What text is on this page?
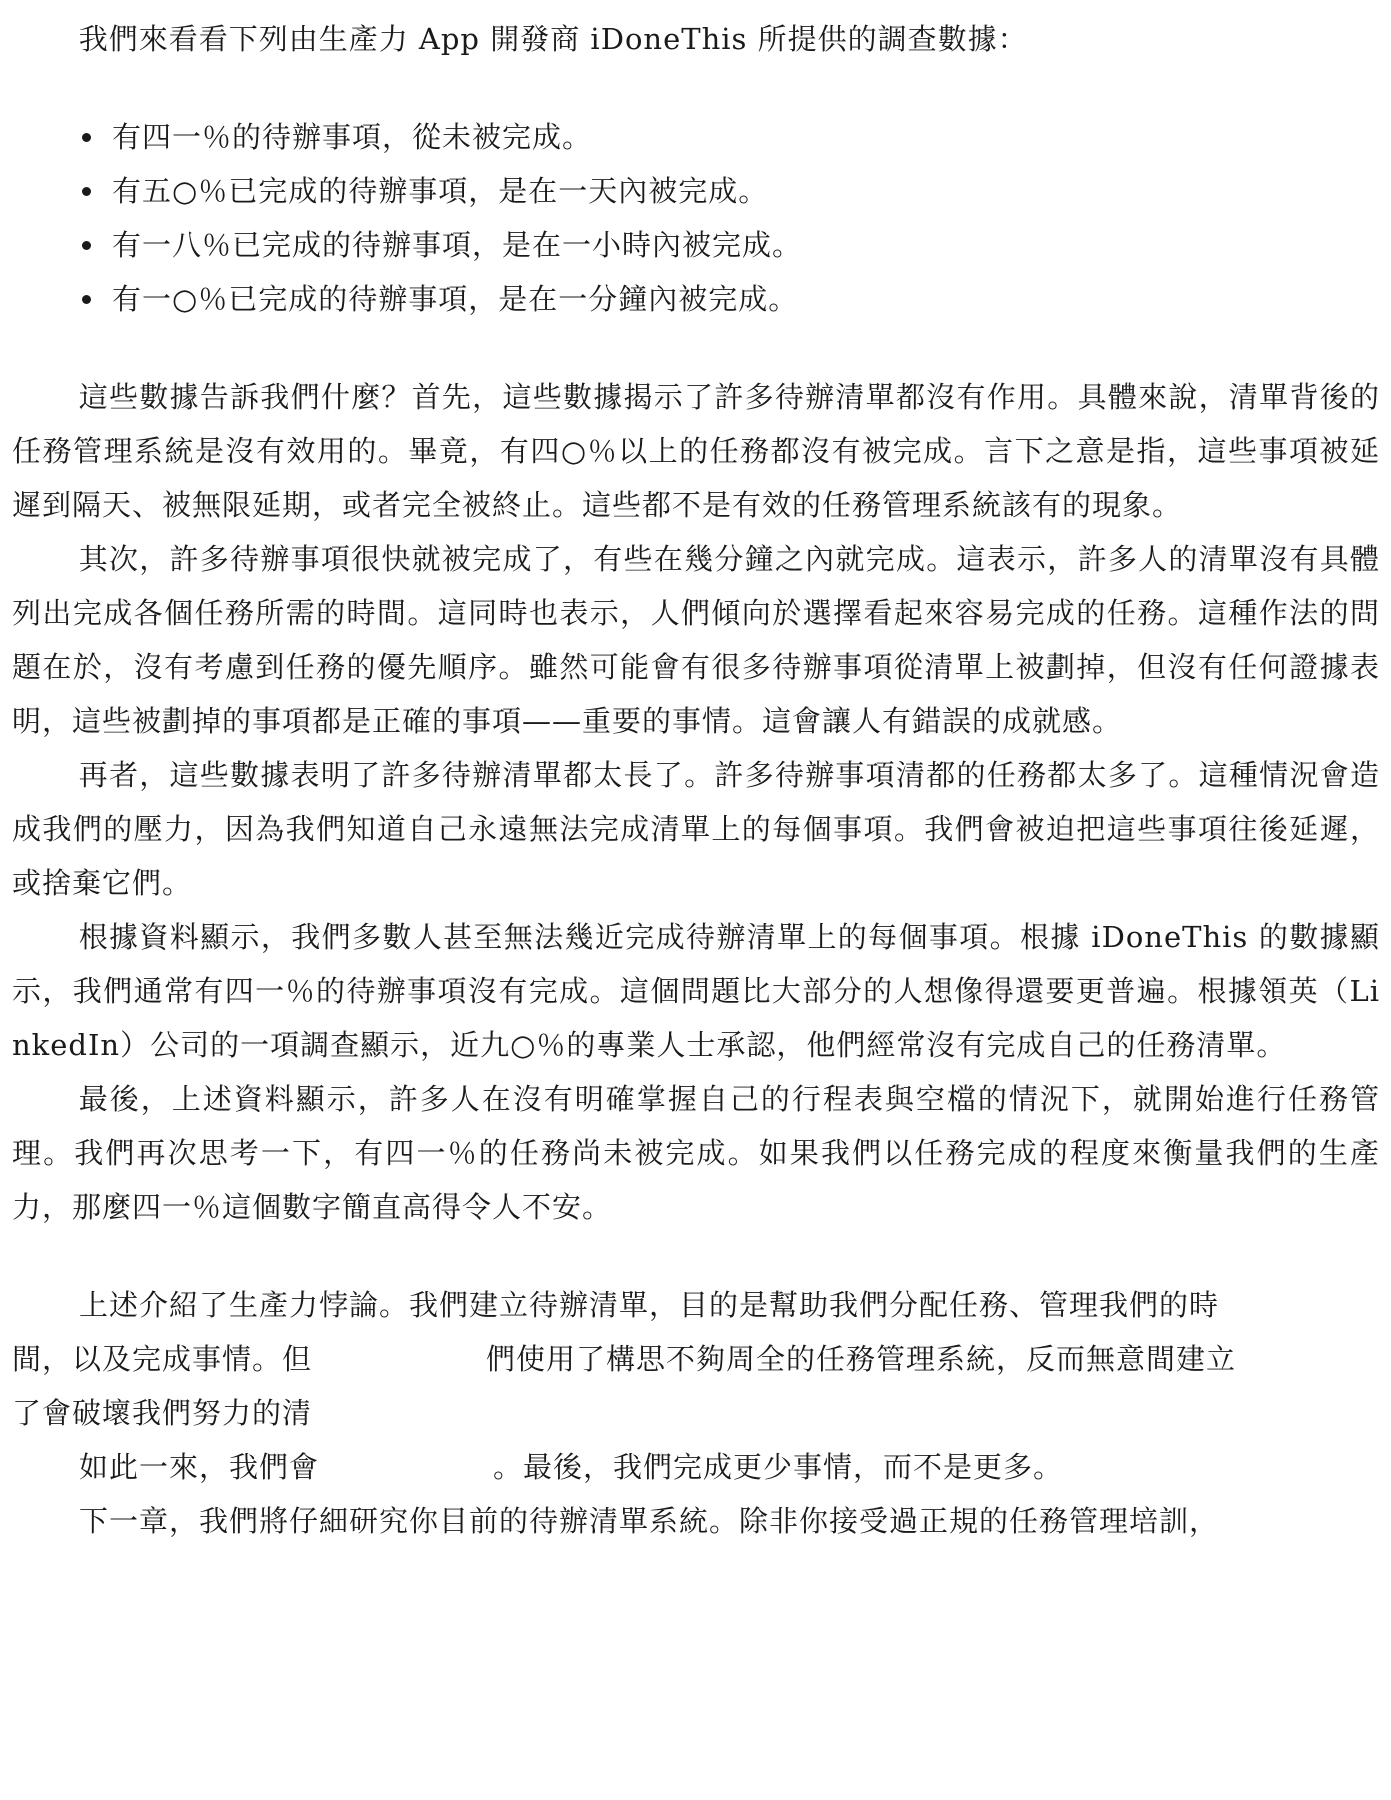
我們來看看下列由生產力 App 開發商 iDoneThis 所提供的調查數據：

有四一％的待辦事項，從未被完成。
有五○％已完成的待辦事項，是在一天內被完成。
有一八％已完成的待辦事項，是在一小時內被完成。
有一○％已完成的待辦事項，是在一分鐘內被完成。

這些數據告訴我們什麼？首先，這些數據揭示了許多待辦清單都沒有作用。具體來說，清單背後的任務管理系統是沒有效用的。畢竟，有四○％以上的任務都沒有被完成。言下之意是指，這些事項被延遲到隔天、被無限延期，或者完全被終止。這些都不是有效的任務管理系統該有的現象。

其次，許多待辦事項很快就被完成了，有些在幾分鐘之內就完成。這表示，許多人的清單沒有具體列出完成各個任務所需的時間。這同時也表示，人們傾向於選擇看起來容易完成的任務。這種作法的問題在於，沒有考慮到任務的優先順序。雖然可能會有很多待辦事項從清單上被劃掉，但沒有任何證據表明，這些被劃掉的事項都是正確的事項——重要的事情。這會讓人有錯誤的成就感。

再者，這些數據表明了許多待辦清單都太長了。許多待辦事項清都的任務都太多了。這種情況會造成我們的壓力，因為我們知道自己永遠無法完成清單上的每個事項。我們會被迫把這些事項往後延遲，或捨棄它們。

根據資料顯示，我們多數人甚至無法幾近完成待辦清單上的每個事項。根據 iDoneThis 的數據顯示，我們通常有四一％的待辦事項沒有完成。這個問題比大部分的人想像得還要更普遍。根據領英（LinkedIn）公司的一項調查顯示，近九○％的專業人士承認，他們經常沒有完成自己的任務清單。

最後，上述資料顯示，許多人在沒有明確掌握自己的行程表與空檔的情況下，就開始進行任務管理。我們再次思考一下，有四一％的任務尚未被完成。如果我們以任務完成的程度來衡量我們的生產力，那麼四一％這個數字簡直高得令人不安。

上述介紹了生產力悖論。我們建立待辦清單，目的是幫助我們分配任務、管理我們的時

間，以及完成事情。但	們使用了構思不夠周全的任務管理系統，反而無意間建立

了會破壞我們努力的清

如此一來，我們會	。最後，我們完成更少事情，而不是更多。

下一章，我們將仔細研究你目前的待辦清單系統。除非你接受過正規的任務管理培訓，
